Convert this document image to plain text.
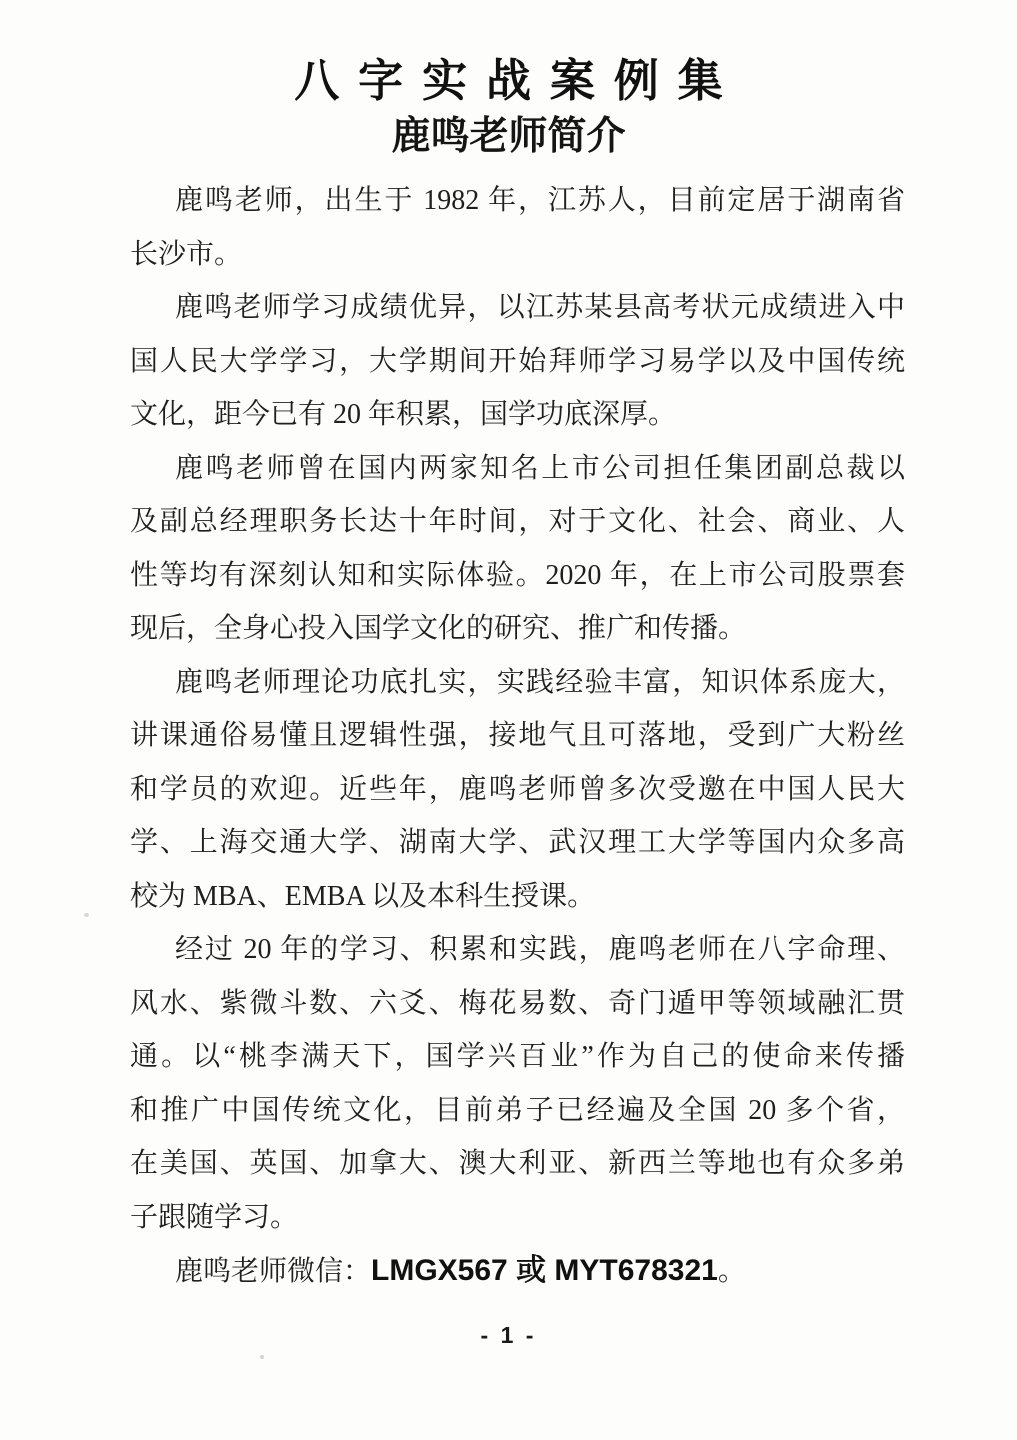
八字实战案例集
鹿鸣老师简介
鹿鸣老师，出生于 1982 年，江苏人，目前定居于湖南省
长沙市。
鹿鸣老师学习成绩优异，以江苏某县高考状元成绩进入中
国人民大学学习，大学期间开始拜师学习易学以及中国传统
文化，距今已有 20 年积累，国学功底深厚。
鹿鸣老师曾在国内两家知名上市公司担任集团副总裁以
及副总经理职务长达十年时间，对于文化、社会、商业、人
性等均有深刻认知和实际体验。2020 年，在上市公司股票套
现后，全身心投入国学文化的研究、推广和传播。
鹿鸣老师理论功底扎实，实践经验丰富，知识体系庞大，
讲课通俗易懂且逻辑性强，接地气且可落地，受到广大粉丝
和学员的欢迎。近些年，鹿鸣老师曾多次受邀在中国人民大
学、上海交通大学、湖南大学、武汉理工大学等国内众多高
校为 MBA、EMBA 以及本科生授课。
经过 20 年的学习、积累和实践，鹿鸣老师在八字命理、
风水、紫微斗数、六爻、梅花易数、奇门遁甲等领域融汇贯
通。以“桃李满天下，国学兴百业”作为自己的使命来传播
和推广中国传统文化，目前弟子已经遍及全国 20 多个省，
在美国、英国、加拿大、澳大利亚、新西兰等地也有众多弟
子跟随学习。
鹿鸣老师微信：LMGX567 或 MYT678321。
- 1 -
